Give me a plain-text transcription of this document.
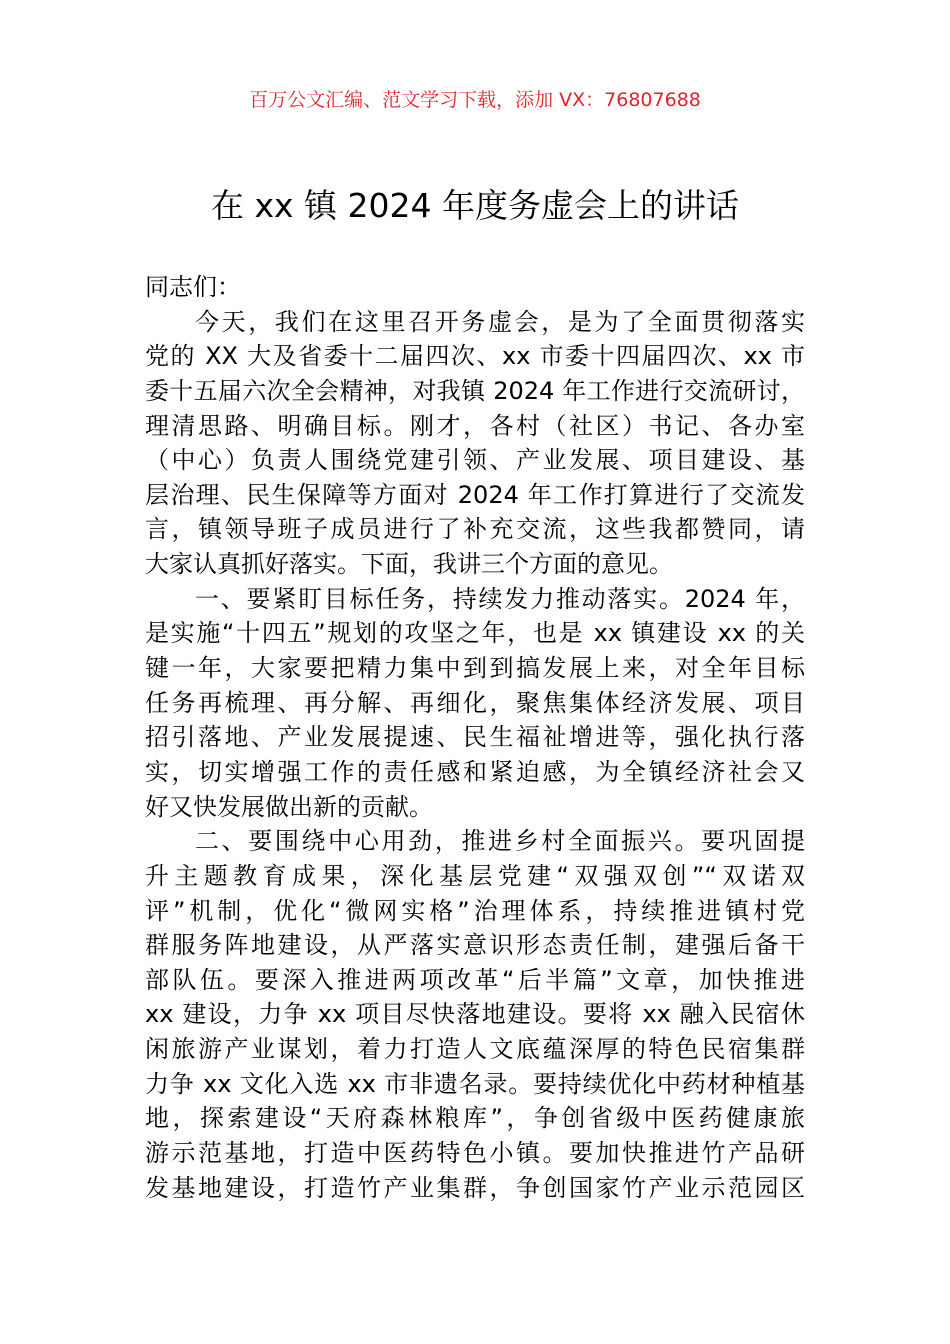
百万公文汇编、范文学习下载，添加 VX：76807688
在 xx 镇 2024 年度务虚会上的讲话
同志们：
今天，我们在这里召开务虚会，是为了全面贯彻落实
党的 XX 大及省委十二届四次、xx 市委十四届四次、xx 市
委十五届六次全会精神，对我镇 2024 年工作进行交流研讨，
理清思路、明确目标。刚才，各村（社区）书记、各办室
（中心）负责人围绕党建引领、产业发展、项目建设、基
层治理、民生保障等方面对 2024 年工作打算进行了交流发
言，镇领导班子成员进行了补充交流，这些我都赞同，请
大家认真抓好落实。下面，我讲三个方面的意见。
一、要紧盯目标任务，持续发力推动落实。2024 年，
是实施“十四五”规划的攻坚之年，也是 xx 镇建设 xx 的关
键一年，大家要把精力集中到到搞发展上来，对全年目标
任务再梳理、再分解、再细化，聚焦集体经济发展、项目
招引落地、产业发展提速、民生福祉增进等，强化执行落
实，切实增强工作的责任感和紧迫感，为全镇经济社会又
好又快发展做出新的贡献。
二、要围绕中心用劲，推进乡村全面振兴。要巩固提
升主题教育成果，深化基层党建“双强双创”“双诺双
评”机制，优化“微网实格”治理体系，持续推进镇村党
群服务阵地建设，从严落实意识形态责任制，建强后备干
部队伍。要深入推进两项改革“后半篇”文章，加快推进
xx 建设，力争 xx 项目尽快落地建设。要将 xx 融入民宿休
闲旅游产业谋划，着力打造人文底蕴深厚的特色民宿集群
力争 xx 文化入选 xx 市非遗名录。要持续优化中药材种植基
地，探索建设“天府森林粮库”，争创省级中医药健康旅
游示范基地，打造中医药特色小镇。要加快推进竹产品研
发基地建设，打造竹产业集群，争创国家竹产业示范园区
